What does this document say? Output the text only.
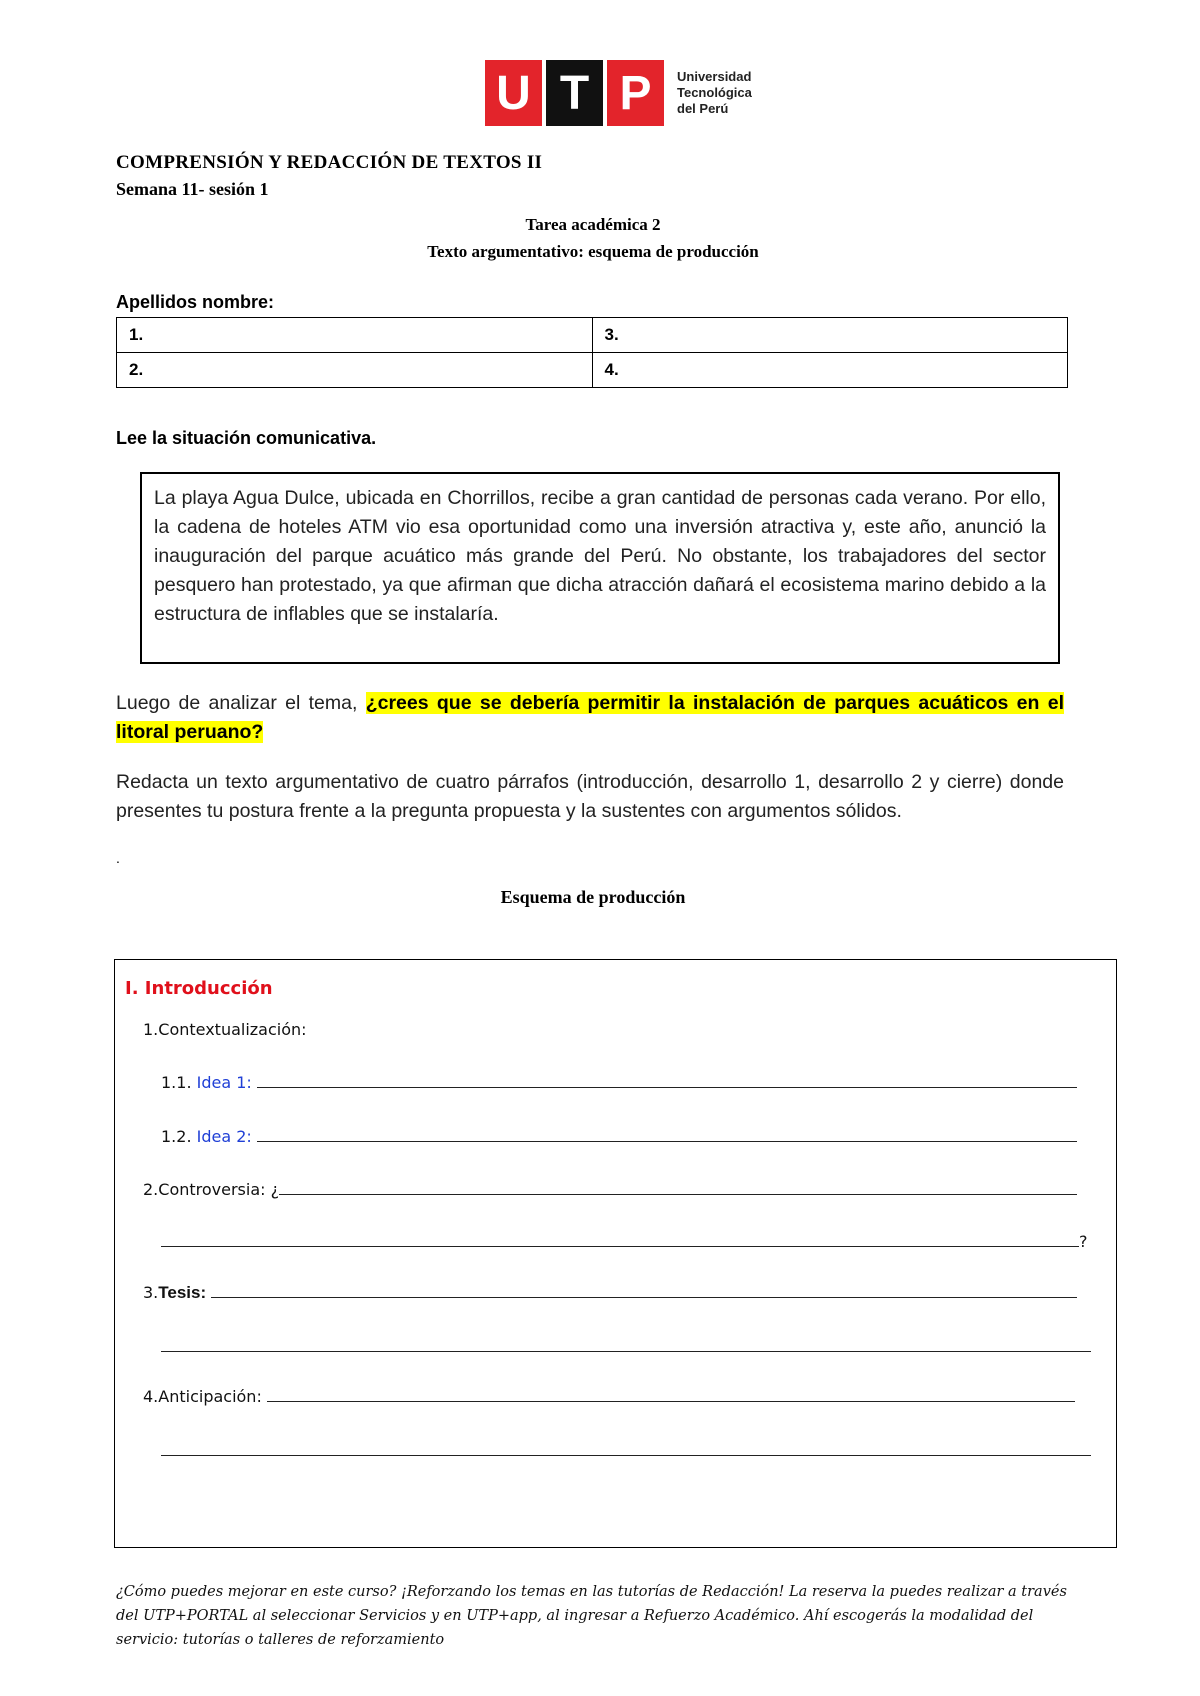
U T P	Universidad
Tecnológica
del Perú
COMPRENSIÓN Y REDACCIÓN DE TEXTOS II
Semana 11- sesión 1
Tarea académica 2
Texto argumentativo: esquema de producción
Apellidos nombre:
1.	3.
2.	4.
Lee la situación comunicativa.

La playa Agua Dulce, ubicada en Chorrillos, recibe a gran cantidad de personas cada verano. Por ello, la cadena de hoteles ATM vio esa oportunidad como una inversión atractiva y, este año, anunció la inauguración del parque acuático más grande del Perú. No obstante, los trabajadores del sector pesquero han protestado, ya que afirman que dicha atracción dañará el ecosistema marino debido a la estructura de inflables que se instalaría.

Luego de analizar el tema, ¿crees que se debería permitir la instalación de parques acuáticos en el litoral peruano?
Redacta un texto argumentativo de cuatro párrafos (introducción, desarrollo 1, desarrollo 2 y cierre) donde presentes tu postura frente a la pregunta propuesta y la sustentes con argumentos sólidos.
.
Esquema de producción
I. Introducción
1.Contextualización:
1.1. Idea 1:
1.2. Idea 2:
2.Controversia: ¿
?
3.Tesis:
4.Anticipación:
¿Cómo puedes mejorar en este curso? ¡Reforzando los temas en las tutorías de Redacción! La reserva la puedes realizar a través del UTP+PORTAL al seleccionar Servicios y en UTP+app, al ingresar a Refuerzo Académico. Ahí escogerás la modalidad del servicio: tutorías o talleres de reforzamiento
